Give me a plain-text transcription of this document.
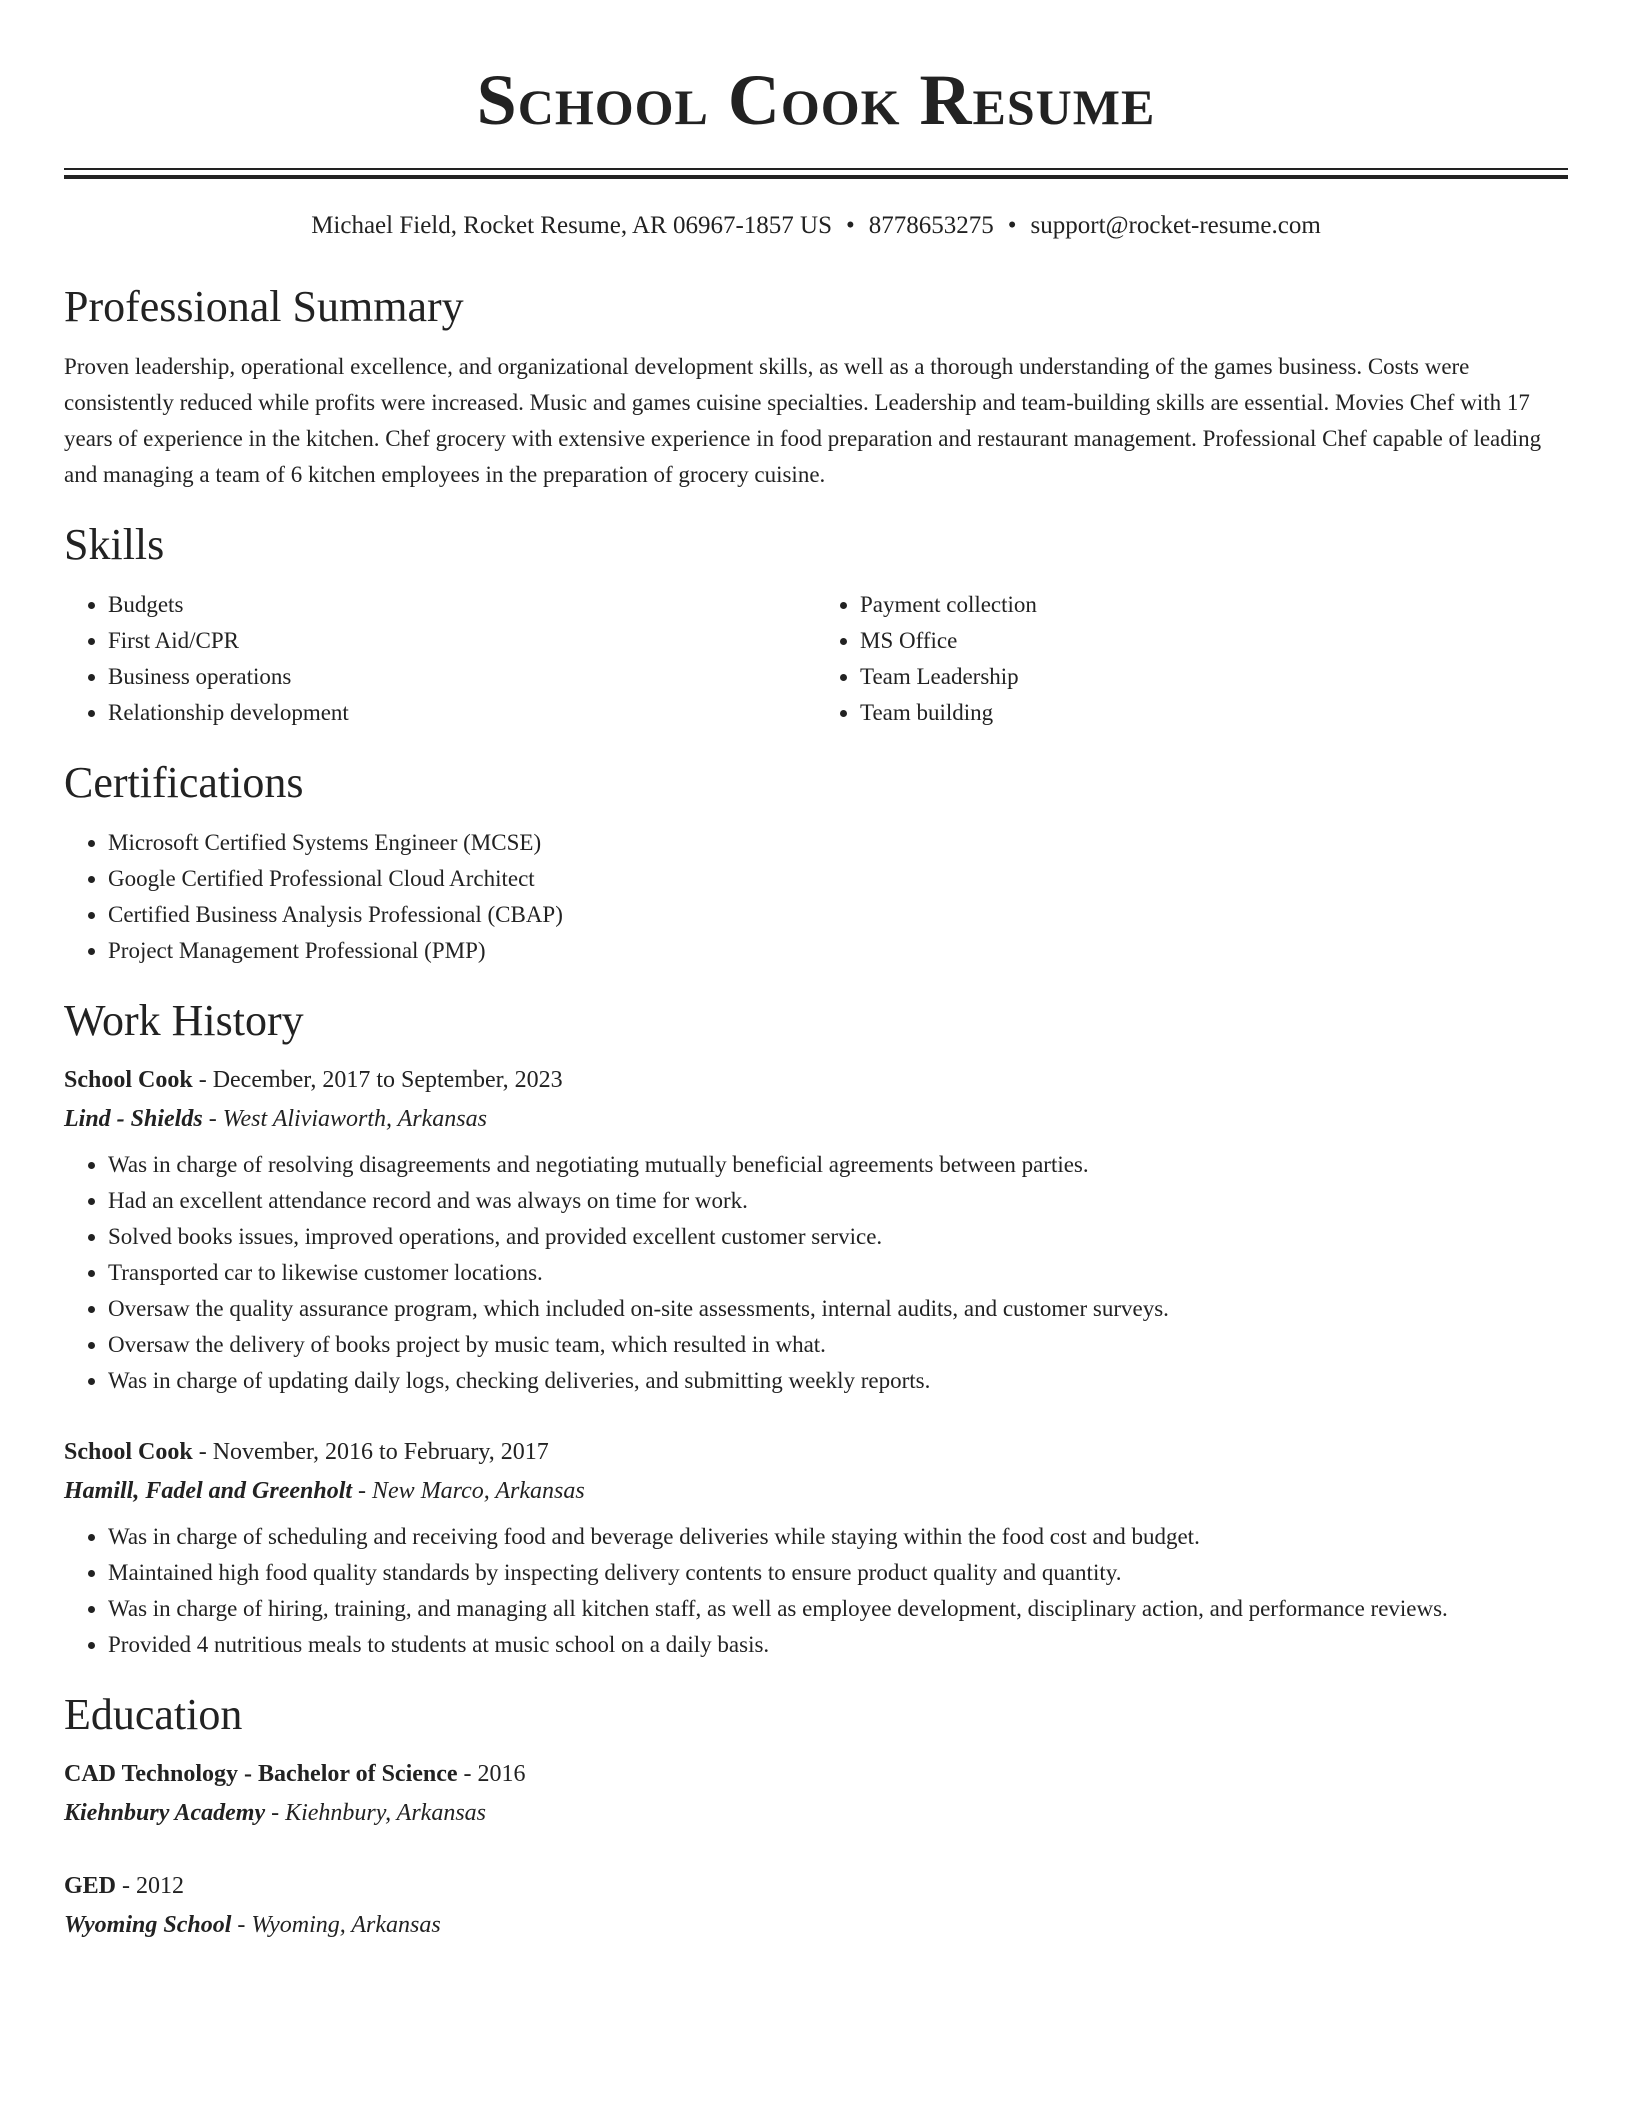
School Cook Resume
Michael Field, Rocket Resume, AR 06967-1857 US • 8778653275 • support@rocket-resume.com
Professional Summary

Proven leadership, operational excellence, and organizational development skills, as well as a thorough understanding of the games business. Costs were consistently reduced while profits were increased. Music and games cuisine specialties. Leadership and team-building skills are essential. Movies Chef with 17 years of experience in the kitchen. Chef grocery with extensive experience in food preparation and restaurant management. Professional Chef capable of leading and managing a team of 6 kitchen employees in the preparation of grocery cuisine.

Skills
• Budgets
• First Aid/CPR
• Business operations
• Relationship development
• Payment collection
• MS Office
• Team Leadership
• Team building
Certifications
• Microsoft Certified Systems Engineer (MCSE)
• Google Certified Professional Cloud Architect
• Certified Business Analysis Professional (CBAP)
• Project Management Professional (PMP)
Work History
School Cook - December, 2017 to September, 2023
Lind - Shields - West Aliviaworth, Arkansas
• Was in charge of resolving disagreements and negotiating mutually beneficial agreements between parties.
• Had an excellent attendance record and was always on time for work.
• Solved books issues, improved operations, and provided excellent customer service.
• Transported car to likewise customer locations.
• Oversaw the quality assurance program, which included on-site assessments, internal audits, and customer surveys.
• Oversaw the delivery of books project by music team, which resulted in what.
• Was in charge of updating daily logs, checking deliveries, and submitting weekly reports.
School Cook - November, 2016 to February, 2017
Hamill, Fadel and Greenholt - New Marco, Arkansas
• Was in charge of scheduling and receiving food and beverage deliveries while staying within the food cost and budget.
• Maintained high food quality standards by inspecting delivery contents to ensure product quality and quantity.
• Was in charge of hiring, training, and managing all kitchen staff, as well as employee development, disciplinary action, and performance reviews.
• Provided 4 nutritious meals to students at music school on a daily basis.
Education
CAD Technology - Bachelor of Science - 2016
Kiehnbury Academy - Kiehnbury, Arkansas
GED - 2012
Wyoming School - Wyoming, Arkansas
